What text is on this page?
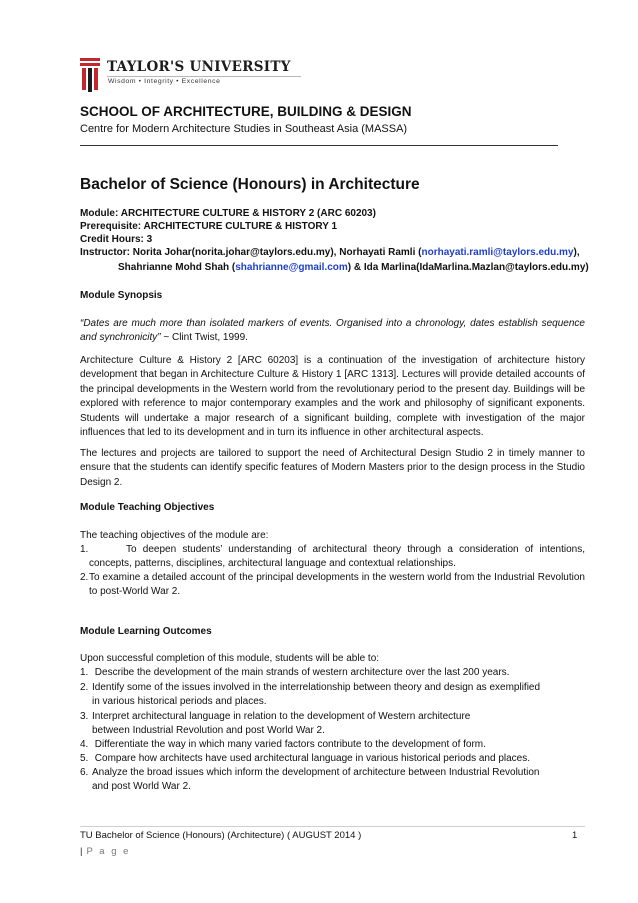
TAYLOR'S UNIVERSITY
Wisdom • Integrity • Excellence
SCHOOL OF ARCHITECTURE, BUILDING & DESIGN
Centre for Modern Architecture Studies in Southeast Asia (MASSA)
Bachelor of Science (Honours) in Architecture
Module: ARCHITECTURE CULTURE & HISTORY 2 (ARC 60203)
Prerequisite: ARCHITECTURE CULTURE & HISTORY 1
Credit Hours: 3
Instructor: Norita Johar(norita.johar@taylors.edu.my), Norhayati Ramli (norhayati.ramli@taylors.edu.my),
Shahrianne Mohd Shah (shahrianne@gmail.com) & Ida Marlina(IdaMarlina.Mazlan@taylors.edu.my)
Module Synopsis
“Dates are much more than isolated markers of events. Organised into a chronology, dates establish sequence and synchronicity” ~ Clint Twist, 1999.
Architecture Culture & History 2 [ARC 60203] is a continuation of the investigation of architecture history development that began in Architecture Culture & History 1 [ARC 1313]. Lectures will provide detailed accounts of the principal developments in the Western world from the revolutionary period to the present day. Buildings will be explored with reference to major contemporary examples and the work and philosophy of significant exponents. Students will undertake a major research of a significant building, complete with investigation of the major influences that led to its development and in turn its influence in other architectural aspects.
The lectures and projects are tailored to support the need of Architectural Design Studio 2 in timely manner to ensure that the students can identify specific features of Modern Masters prior to the design process in the Studio Design 2.
Module Teaching Objectives
The teaching objectives of the module are:
1.	To deepen students’ understanding of architectural theory through a consideration of intentions, concepts, patterns, disciplines, architectural language and contextual relationships.
2. To examine a detailed account of the principal developments in the western world from the Industrial Revolution to post-World War 2.
Module Learning Outcomes
Upon successful completion of this module, students will be able to:
1. Describe the development of the main strands of western architecture over the last 200 years.
2. Identify some of the issues involved in the interrelationship between theory and design as exemplified in various historical periods and places.
3. Interpret architectural language in relation to the development of Western architecture between Industrial Revolution and post World War 2.
4. Differentiate the way in which many varied factors contribute to the development of form.
5. Compare how architects have used architectural language in various historical periods and places.
6. Analyze the broad issues which inform the development of architecture between Industrial Revolution and post World War 2.
TU Bachelor of Science (Honours) (Architecture) ( AUGUST 2014 )	1
| P a g e
